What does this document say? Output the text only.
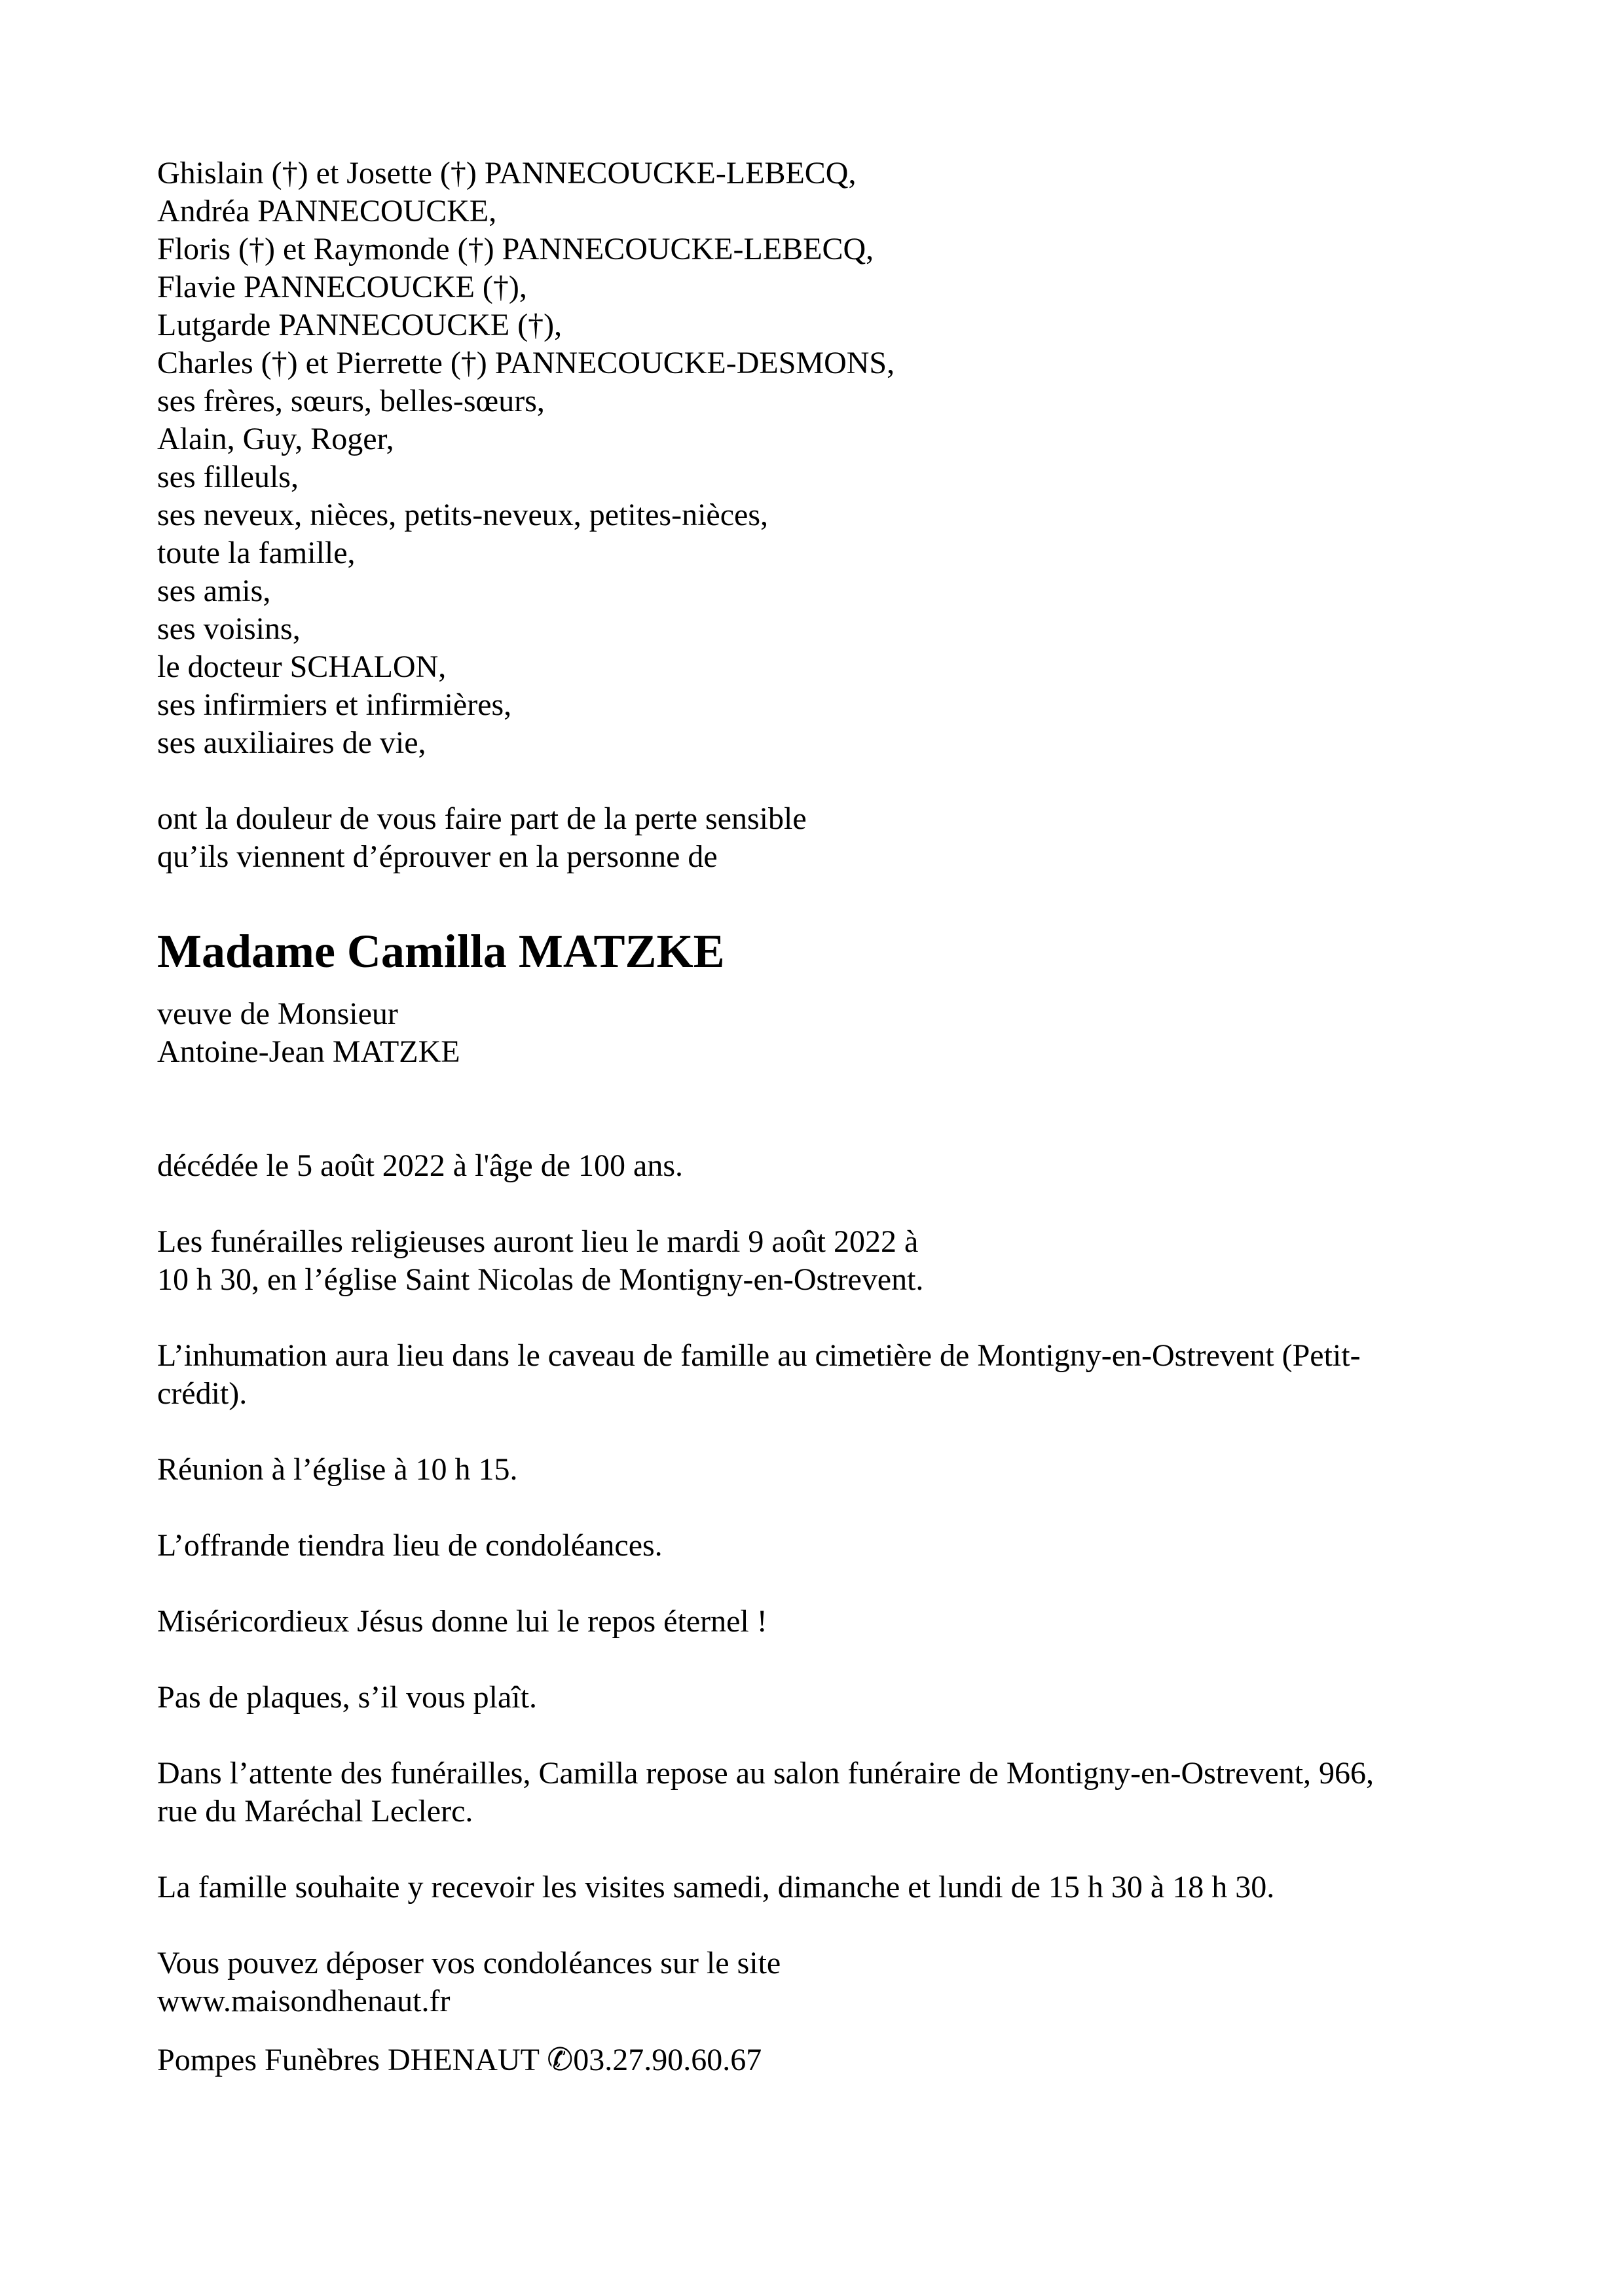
Ghislain (†) et Josette (†) PANNECOUCKE-LEBECQ,
Andréa PANNECOUCKE,
Floris (†) et Raymonde (†) PANNECOUCKE-LEBECQ,
Flavie PANNECOUCKE (†),
Lutgarde PANNECOUCKE (†),
Charles (†) et Pierrette (†) PANNECOUCKE-DESMONS,
ses frères, sœurs, belles-sœurs,
Alain, Guy, Roger,
ses filleuls,
ses neveux, nièces, petits-neveux, petites-nièces,
toute la famille,
ses amis,
ses voisins,
le docteur SCHALON,
ses infirmiers et infirmières,
ses auxiliaires de vie,
ont la douleur de vous faire part de la perte sensible
qu’ils viennent d’éprouver en la personne de
Madame Camilla MATZKE
veuve de Monsieur
Antoine-Jean MATZKE
décédée le 5 août 2022 à l'âge de 100 ans.
Les funérailles religieuses auront lieu le mardi 9 août 2022 à
10 h 30, en l’église Saint Nicolas de Montigny-en-Ostrevent.
L’inhumation aura lieu dans le caveau de famille au cimetière de Montigny-en-Ostrevent (Petit-
crédit).
Réunion à l’église à 10 h 15.
L’offrande tiendra lieu de condoléances.
Miséricordieux Jésus donne lui le repos éternel !
Pas de plaques, s’il vous plaît.
Dans l’attente des funérailles, Camilla repose au salon funéraire de Montigny-en-Ostrevent, 966,
rue du Maréchal Leclerc.
La famille souhaite y recevoir les visites samedi, dimanche et lundi de 15 h 30 à 18 h 30.
Vous pouvez déposer vos condoléances sur le site
www.maisondhenaut.fr
Pompes Funèbres DHENAUT ✆03.27.90.60.67
